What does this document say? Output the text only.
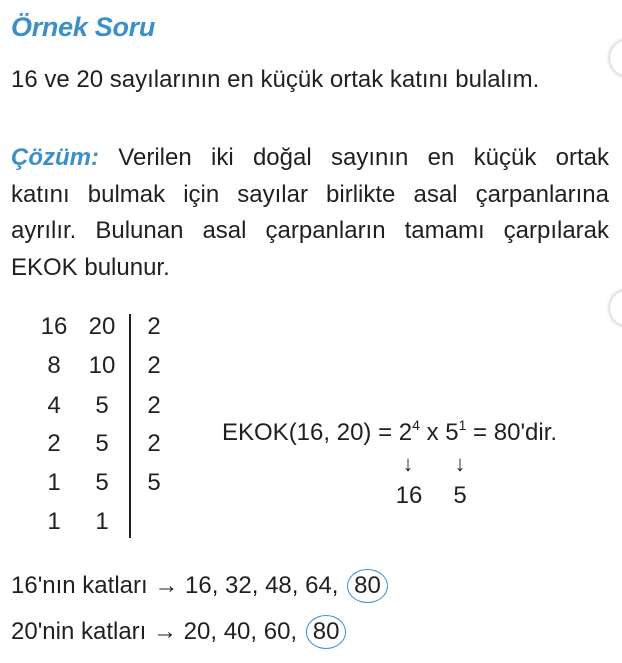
Örnek Soru
16 ve 20 sayılarının en küçük ortak katını bulalım.
Çözüm: Verilen iki doğal sayının en küçük ortak
katını bulmak için sayılar birlikte asal çarpanlarına
ayrılır. Bulunan asal çarpanların tamamı çarpılarak
EKOK bulunur.
16 20	2
8	10	2
4	5	2
2	5	2
1	5	5
1	1
EKOK(16, $20) = 2^4$ x $5^1 = 80'dir$.
↓ ↓
16	5
16'nın katları → 16, 32, 48, 64, 80
20'nin katları → 20, 40, 60, 80
